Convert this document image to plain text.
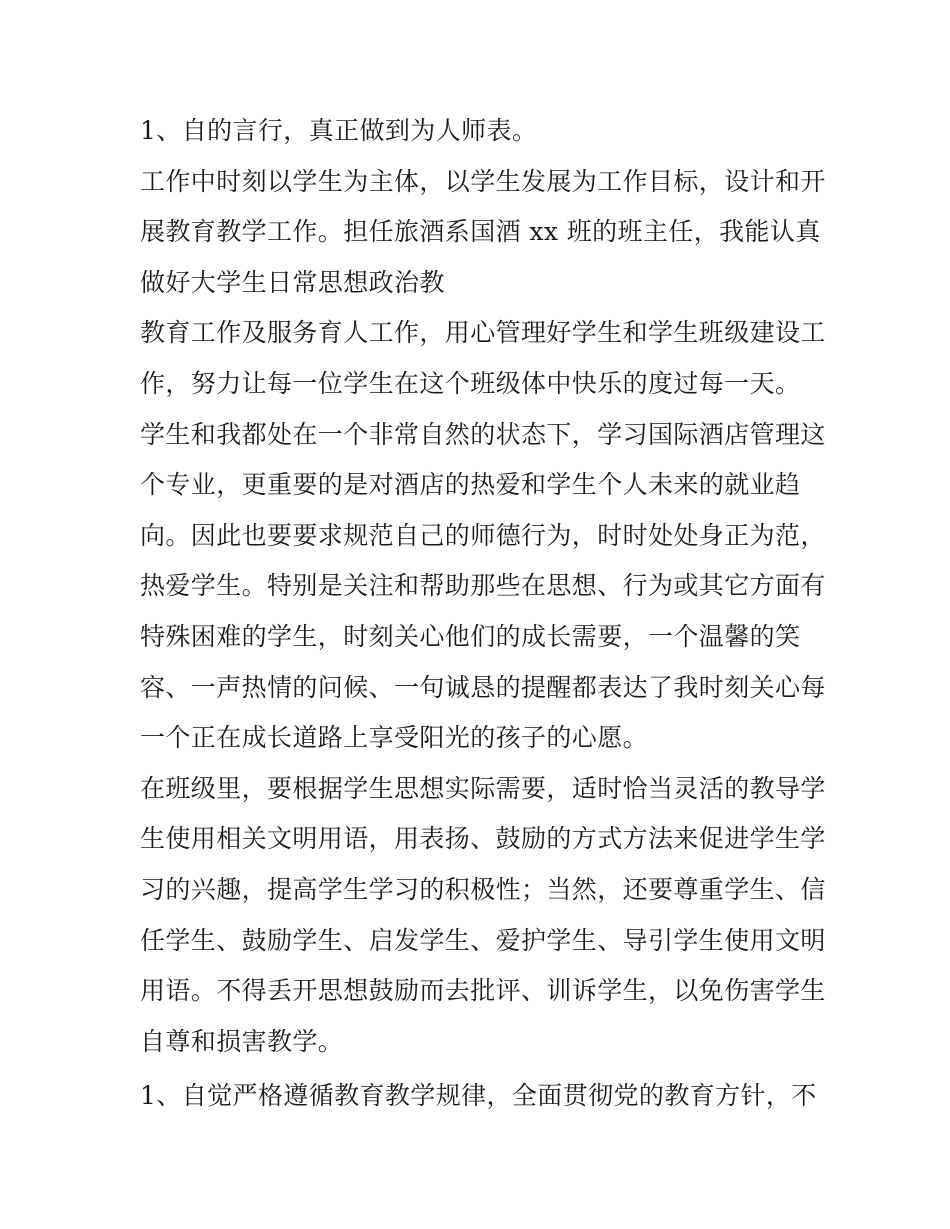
1、自的言行，真正做到为人师表。
工作中时刻以学生为主体，以学生发展为工作目标，设计和开
展教育教学工作。担任旅酒系国酒 xx 班的班主任，我能认真
做好大学生日常思想政治教
教育工作及服务育人工作，用心管理好学生和学生班级建设工
作，努力让每一位学生在这个班级体中快乐的度过每一天。
学生和我都处在一个非常自然的状态下，学习国际酒店管理这
个专业，更重要的是对酒店的热爱和学生个人未来的就业趋
向。因此也要要求规范自己的师德行为，时时处处身正为范，
热爱学生。特别是关注和帮助那些在思想、行为或其它方面有
特殊困难的学生，时刻关心他们的成长需要，一个温馨的笑
容、一声热情的问候、一句诚恳的提醒都表达了我时刻关心每
一个正在成长道路上享受阳光的孩子的心愿。
在班级里，要根据学生思想实际需要，适时恰当灵活的教导学
生使用相关文明用语，用表扬、鼓励的方式方法来促进学生学
习的兴趣，提高学生学习的积极性；当然，还要尊重学生、信
任学生、鼓励学生、启发学生、爱护学生、导引学生使用文明
用语。不得丢开思想鼓励而去批评、训诉学生，以免伤害学生
自尊和损害教学。
1、自觉严格遵循教育教学规律，全面贯彻党的教育方针，不
